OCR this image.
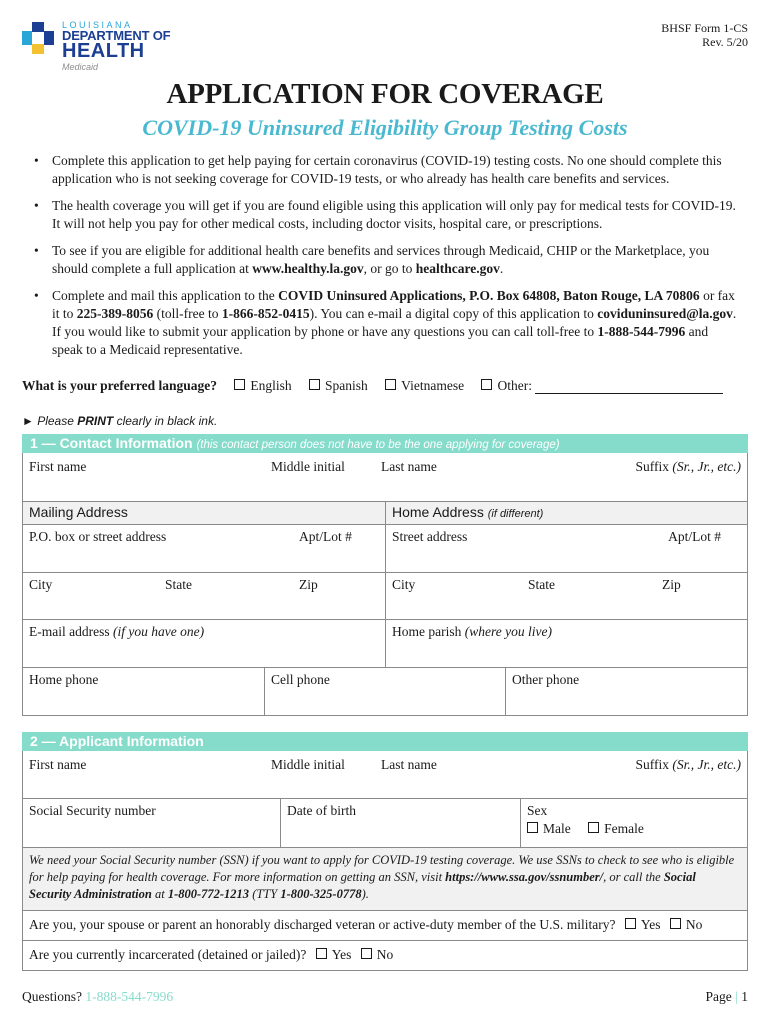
LOUISIANA
DEPARTMENT OF
HEALTH
Medicaid
BHSF Form 1-CS
Rev. 5/20
APPLICATION FOR COVERAGE
COVID-19 Uninsured Eligibility Group Testing Costs
• Complete this application to get help paying for certain coronavirus (COVID-19) testing costs. No one should complete this application who is not seeking coverage for COVID-19 tests, or who already has health care benefits and services.
• The health coverage you will get if you are found eligible using this application will only pay for medical tests for COVID-19. It will not help you pay for other medical costs, including doctor visits, hospital care, or prescriptions.
• To see if you are eligible for additional health care benefits and services through Medicaid, CHIP or the Marketplace, you should complete a full application at www.healthy.la.gov, or go to healthcare.gov.
• Complete and mail this application to the COVID Uninsured Applications, P.O. Box 64808, Baton Rouge, LA 70806 or fax it to 225-389-8056 (toll-free to 1-866-852-0415). You can e-mail a digital copy of this application to coviduninsured@la.gov. If you would like to submit your application by phone or have any questions you can call toll-free to 1-888-544-7996 and speak to a Medicaid representative.
What is your preferred language? English Spanish Vietnamese Other:
► Please PRINT clearly in black ink.
1 — Contact Information (this contact person does not have to be the one applying for coverage)
First name	Middle initial	Last name	Suffix (Sr., Jr., etc.)
Mailing Address	Home Address (if different)
P.O. box or street address	Apt/Lot #	Street address	Apt/Lot #
City	State	Zip	City	State	Zip
E-mail address (if you have one)	Home parish (where you live)
Home phone	Cell phone	Other phone
2 — Applicant Information
First name	Middle initial	Last name	Suffix (Sr., Jr., etc.)
Social Security number	Date of birth	Sex
Male Female
We need your Social Security number (SSN) if you want to apply for COVID-19 testing coverage. We use SSNs to check to see who is eligible for help paying for health coverage. For more information on getting an SSN, visit https://www.ssa.gov/ssnumber/, or call the Social Security Administration at 1-800-772-1213 (TTY 1-800-325-0778).
Are you, your spouse or parent an honorably discharged veteran or active-duty member of the U.S. military? Yes No
Are you currently incarcerated (detained or jailed)? Yes No
Questions? 1-888-544-7996	Page | 1
